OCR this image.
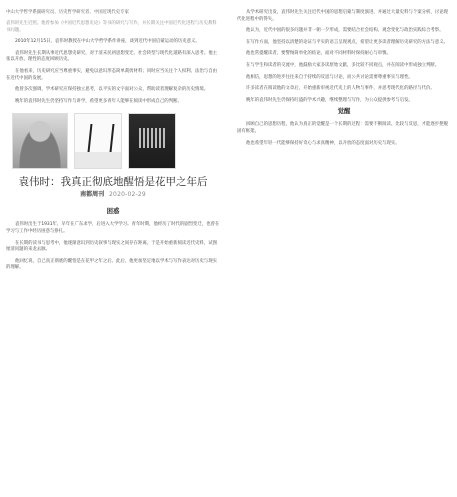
中山大学哲学系副研究员、历史哲学研究者、中国近现代史专家

袁伟时先生近照。他曾参加《中国近代思想史论》等书的研究与写作，并长期关注中国近代化进程与历史教科书问题。

2010年12月15日，袁伟时教授在中山大学哲学系作讲座，谈到近代中国启蒙运动的历史意义。

袁伟时先生长期从事近代思想史研究，对于清末民初思想变迁、社会转型与现代化道路有深入思考。他主张以开放、理性的态度回顾历史。

在他看来，历史研究应当尊重事实，避免以意识形态简单裁剪材料；同时应当关注个人权利、法治与自由在近代中国的发展。

他曾多次强调，学术研究应保持独立思考，以平实的文字面对公众，帮助读者理解复杂的历史情境。

晚年的袁伟时先生仍坚持写作与讲学，希望更多青年人能够在阅读中形成自己的判断。

袁伟时：我真正彻底地醒悟是花甲之年后
南都周刊 2020-02-29
困惑

袁伟时出生于1931年，早年在广东求学，后进入大学学习。青年时期，他经历了时代的剧烈变迁，也曾在学习与工作中经历困惑与挣扎。

在长期的读书与思考中，他逐渐意识到历史叙事与现实之间存在距离，于是开始重新阅读近代史料，试图厘清问题的来龙去脉。

他回忆说，自己真正彻底的醒悟是在花甲之年之后。此后，他更加坚定地以学术与写作表达对历史与现实的理解。

从学术研究出发，袁伟时先生关注近代中国的思想启蒙与制度演进，并通过大量史料与个案分析，讨论现代化进程中的得失。

他认为，近代中国的很多问题并非一朝一夕形成，需要结合社会结构、观念变化与政治实践综合考察。

在写作方面，他坚持以清楚的论证与平实的语言呈现观点，希望让更多读者理解历史研究的方法与意义。

他也常提醒读者，要警惕简单化的结论，面对不同材料时保持耐心与审慎。

在与学生和读者的交流中，他鼓励大家多读原始文献，多比较不同观点，并在阅读中形成独立判断。

他相信，思想的进步往往来自于持续的反思与讨论，而公共讨论需要尊重事实与理性。

许多读者在阅读他的文章后，开始重新审视近代史上的人物与事件，并思考现代化的路径与代价。

晚年的袁伟时先生仍保持旺盛的学术兴趣，继续整理与写作，为公众提供参考与启发。

觉醒

回顾自己的思想历程，他认为真正的觉醒是一个长期的过程：需要不断阅读、比较与反思，才能逐步摆脱固有框架。

他也希望年轻一代能够保持好奇心与求真精神，以开放的态度面对历史与现实。
